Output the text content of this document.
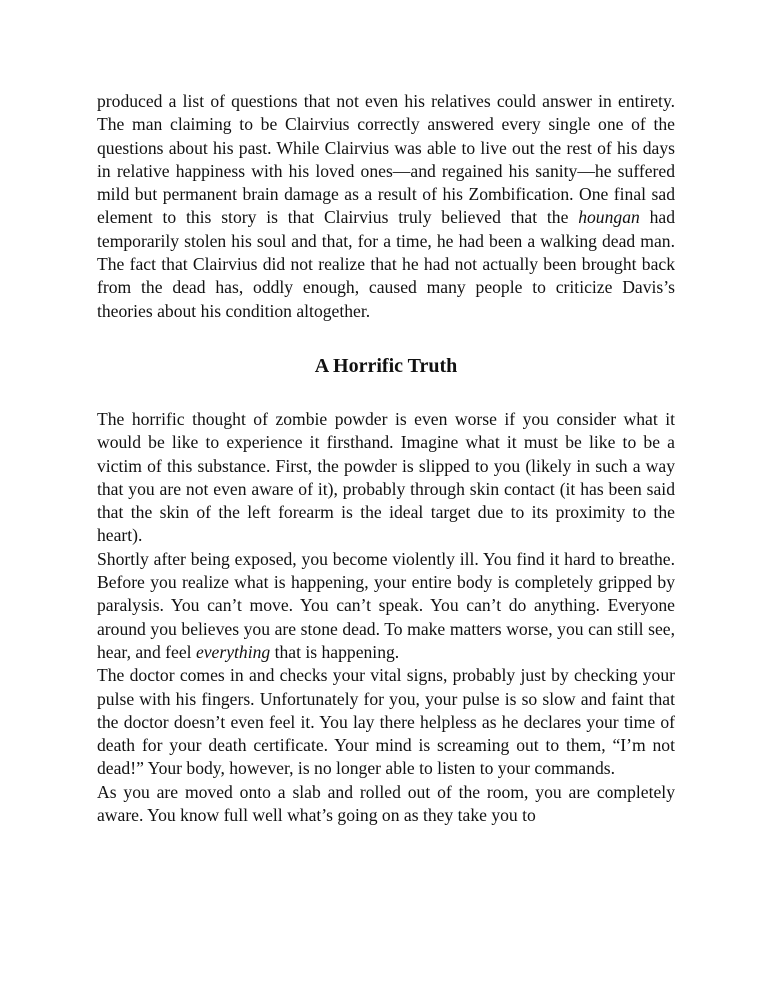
produced a list of questions that not even his relatives could answer in entirety. The man claiming to be Clairvius correctly answered every single one of the questions about his past. While Clairvius was able to live out the rest of his days in relative happiness with his loved ones—and regained his sanity—he suffered mild but permanent brain damage as a result of his Zombification. One final sad element to this story is that Clairvius truly believed that the houngan had temporarily stolen his soul and that, for a time, he had been a walking dead man. The fact that Clairvius did not realize that he had not actually been brought back from the dead has, oddly enough, caused many people to criticize Davis’s theories about his condition altogether.

A Horrific Truth

The horrific thought of zombie powder is even worse if you consider what it would be like to experience it firsthand. Imagine what it must be like to be a victim of this substance. First, the powder is slipped to you (likely in such a way that you are not even aware of it), probably through skin contact (it has been said that the skin of the left forearm is the ideal target due to its proximity to the heart).

Shortly after being exposed, you become violently ill. You find it hard to breathe. Before you realize what is happening, your entire body is completely gripped by paralysis. You can’t move. You can’t speak. You can’t do anything. Everyone around you believes you are stone dead. To make matters worse, you can still see, hear, and feel everything that is happening.

The doctor comes in and checks your vital signs, probably just by checking your pulse with his fingers. Unfortunately for you, your pulse is so slow and faint that the doctor doesn’t even feel it. You lay there helpless as he declares your time of death for your death certificate. Your mind is screaming out to them, “I’m not dead!” Your body, however, is no longer able to listen to your commands.

As you are moved onto a slab and rolled out of the room, you are completely aware. You know full well what’s going on as they take you to
